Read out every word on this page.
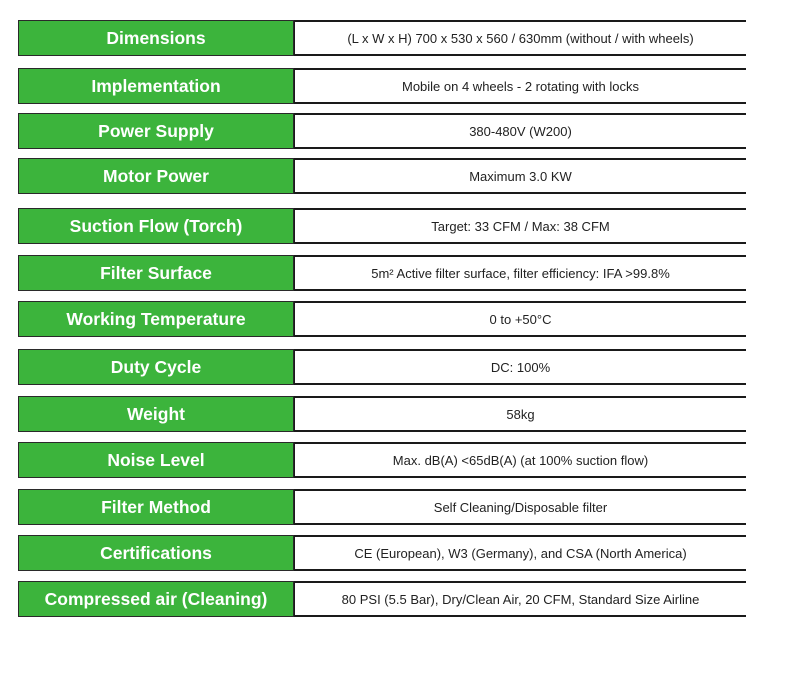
Dimensions	(L x W x H) 700 x 530 x 560 / 630mm (without / with wheels)
Implementation	Mobile on 4 wheels - 2 rotating with locks
Power Supply	380-480V (W200)
Motor Power	Maximum 3.0 KW
Suction Flow (Torch)	Target: 33 CFM / Max: 38 CFM
Filter Surface	5m² Active filter surface, filter efficiency: IFA >99.8%
Working Temperature	0 to +50°C
Duty Cycle	DC: 100%
Weight	58kg
Noise Level	Max. dB(A) <65dB(A) (at 100% suction flow)
Filter Method	Self Cleaning/Disposable filter
Certifications	CE (European), W3 (Germany), and CSA (North America)
Compressed air (Cleaning)	80 PSI (5.5 Bar), Dry/Clean Air, 20 CFM, Standard Size Airline
